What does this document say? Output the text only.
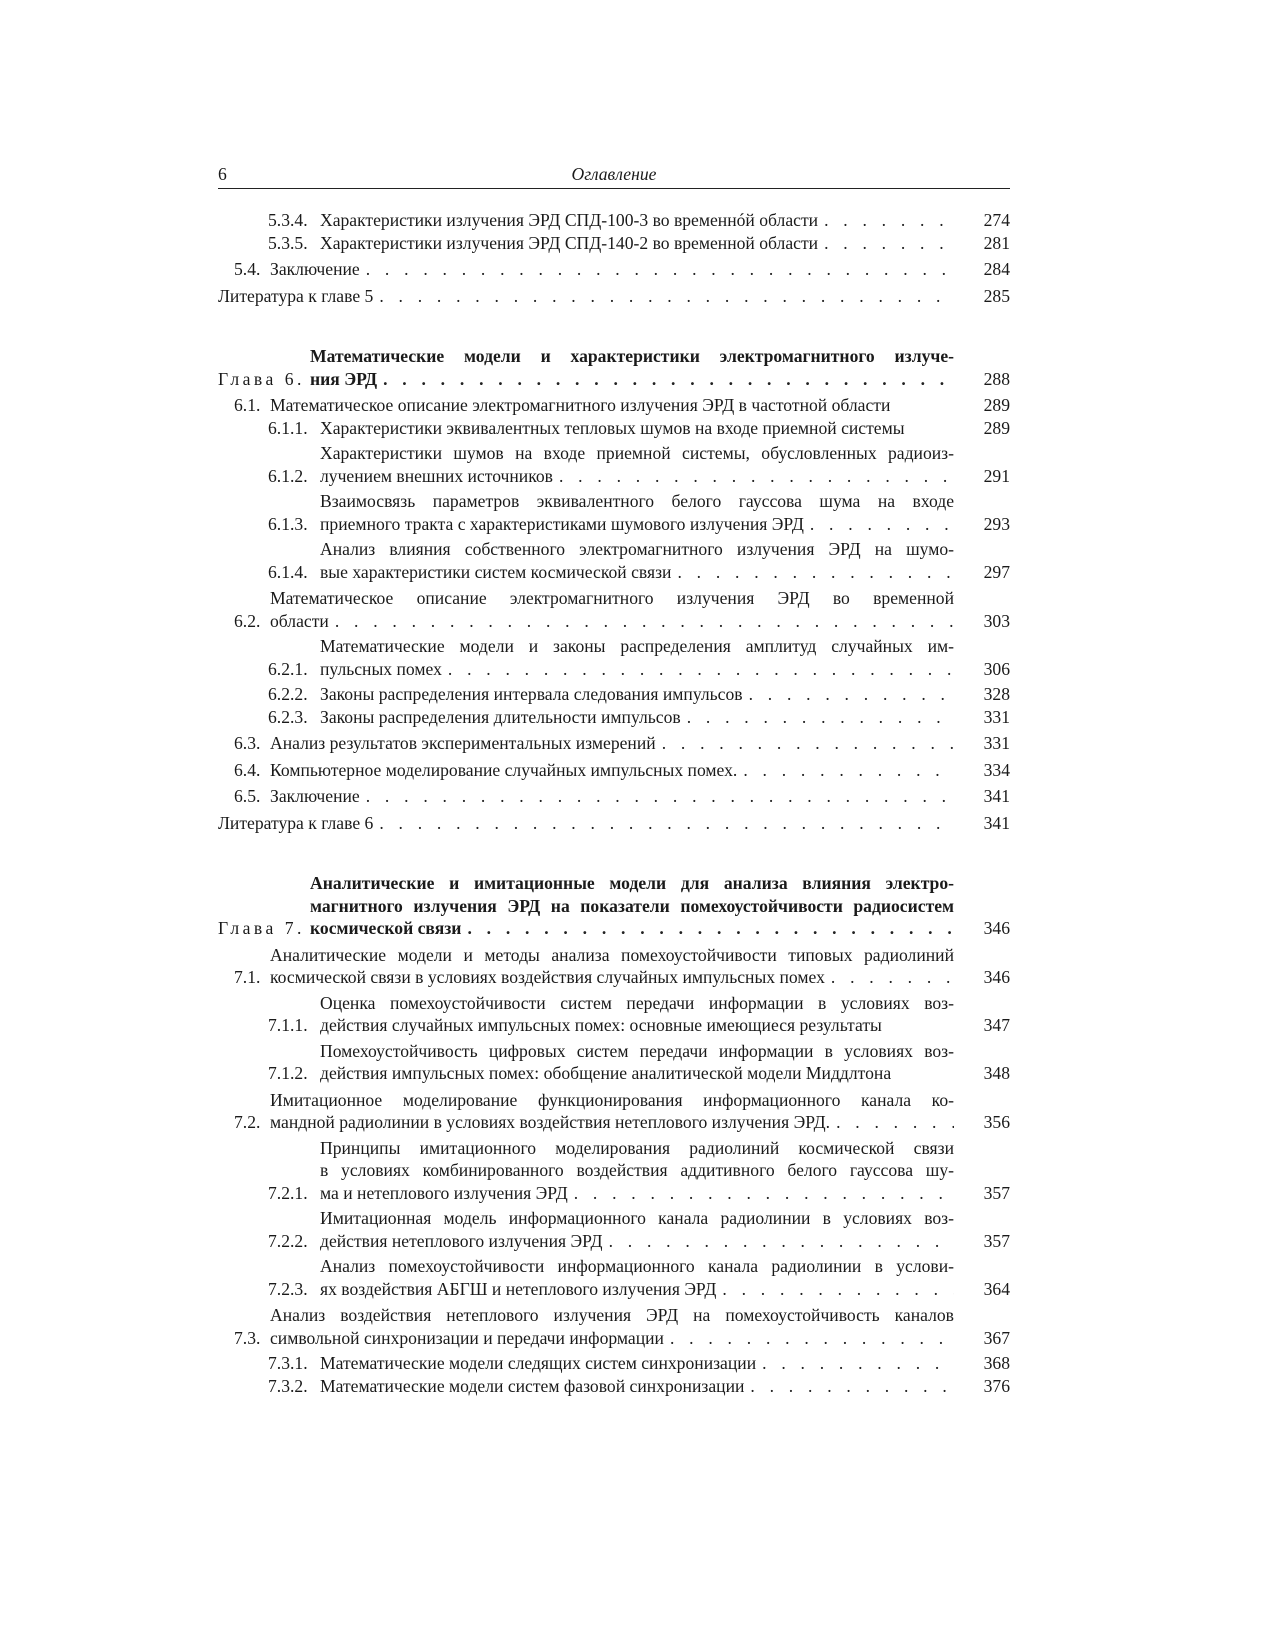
6	Оглавление
5.3.4. Характеристики излучения ЭРД СПД-100-3 во временнóй области . . .	274
5.3.5. Характеристики излучения ЭРД СПД-140-2 во временной области . . .	281
5.4. Заключение . . .	284
Литература к главе 5 . . .	285
Глава 6.
Математические модели и характеристики электромагнитного излуче-
ния ЭРД . . .	288
6.1. Математическое описание электромагнитного излучения ЭРД в частотной области	289
6.1.1. Характеристики эквивалентных тепловых шумов на входе приемной системы	289
6.1.2.
Характеристики шумов на входе приемной системы, обусловленных радиоиз-
лучением внешних источников . . .	291
6.1.3.
Взаимосвязь параметров эквивалентного белого гауссова шума на входе
приемного тракта с характеристиками шумового излучения ЭРД . . .	293
6.1.4.
Анализ влияния собственного электромагнитного излучения ЭРД на шумо-
вые характеристики систем космической связи . . .	297
6.2.
Математическое описание электромагнитного излучения ЭРД во временной
области . . .	303
6.2.1.
Математические модели и законы распределения амплитуд случайных им-
пульсных помех . . .	306
6.2.2. Законы распределения интервала следования импульсов . . .	328
6.2.3. Законы распределения длительности импульсов . . .	331
6.3. Анализ результатов экспериментальных измерений . . .	331
6.4. Компьютерное моделирование случайных импульсных помех. . . .	334
6.5. Заключение . . .	341
Литература к главе 6 . . .	341
Глава 7.
Аналитические и имитационные модели для анализа влияния электро-
магнитного излучения ЭРД на показатели помехоустойчивости радиосистем
космической связи . . .	346
7.1.
Аналитические модели и методы анализа помехоустойчивости типовых радиолиний
космической связи в условиях воздействия случайных импульсных помех . . .	346
7.1.1.
Оценка помехоустойчивости систем передачи информации в условиях воз-
действия случайных импульсных помех: основные имеющиеся результаты	347
7.1.2.
Помехоустойчивость цифровых систем передачи информации в условиях воз-
действия импульсных помех: обобщение аналитической модели Миддлтона	348
7.2.
Имитационное моделирование функционирования информационного канала ко-
мандной радиолинии в условиях воздействия нетеплового излучения ЭРД. . . .	356
7.2.1.
Принципы имитационного моделирования радиолиний космической связи
в условиях комбинированного воздействия аддитивного белого гауссова шу-
ма и нетеплового излучения ЭРД . . .	357
7.2.2.
Имитационная модель информационного канала радиолинии в условиях воз-
действия нетеплового излучения ЭРД . . .	357
7.2.3.
Анализ помехоустойчивости информационного канала радиолинии в услови-
ях воздействия АБГШ и нетеплового излучения ЭРД . . .	364
7.3.
Анализ воздействия нетеплового излучения ЭРД на помехоустойчивость каналов
символьной синхронизации и передачи информации . . .	367
7.3.1. Математические модели следящих систем синхронизации . . .	368
7.3.2. Математические модели систем фазовой синхронизации . . .	376
